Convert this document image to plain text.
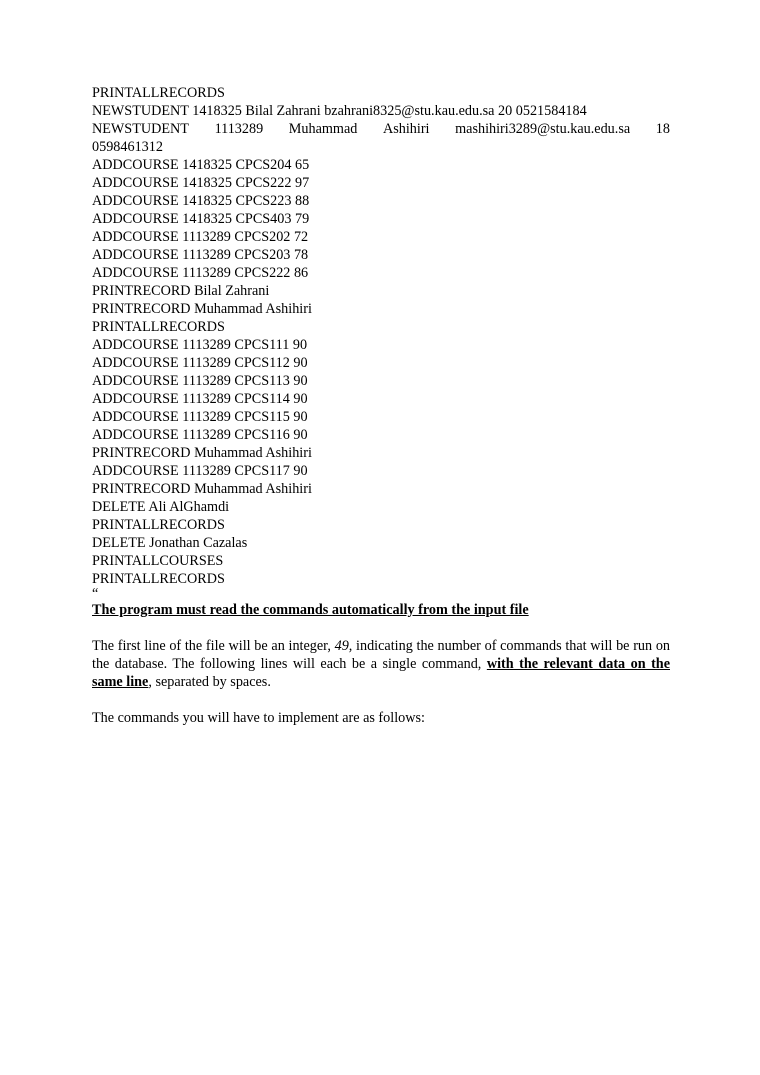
PRINTALLRECORDS
NEWSTUDENT 1418325 Bilal Zahrani bzahrani8325@stu.kau.edu.sa 20 0521584184
NEWSTUDENT 1113289 Muhammad Ashihiri mashihiri3289@stu.kau.edu.sa 18
0598461312
ADDCOURSE 1418325 CPCS204 65
ADDCOURSE 1418325 CPCS222 97
ADDCOURSE 1418325 CPCS223 88
ADDCOURSE 1418325 CPCS403 79
ADDCOURSE 1113289 CPCS202 72
ADDCOURSE 1113289 CPCS203 78
ADDCOURSE 1113289 CPCS222 86
PRINTRECORD Bilal Zahrani
PRINTRECORD Muhammad Ashihiri
PRINTALLRECORDS
ADDCOURSE 1113289 CPCS111 90
ADDCOURSE 1113289 CPCS112 90
ADDCOURSE 1113289 CPCS113 90
ADDCOURSE 1113289 CPCS114 90
ADDCOURSE 1113289 CPCS115 90
ADDCOURSE 1113289 CPCS116 90
PRINTRECORD Muhammad Ashihiri
ADDCOURSE 1113289 CPCS117 90
PRINTRECORD Muhammad Ashihiri
DELETE Ali AlGhamdi
PRINTALLRECORDS
DELETE Jonathan Cazalas
PRINTALLCOURSES
PRINTALLRECORDS
“
The program must read the commands automatically from the input file
The first line of the file will be an integer, 49, indicating the number of commands that will be run on the database. The following lines will each be a single command, with the relevant data on the same line, separated by spaces.
The commands you will have to implement are as follows:
